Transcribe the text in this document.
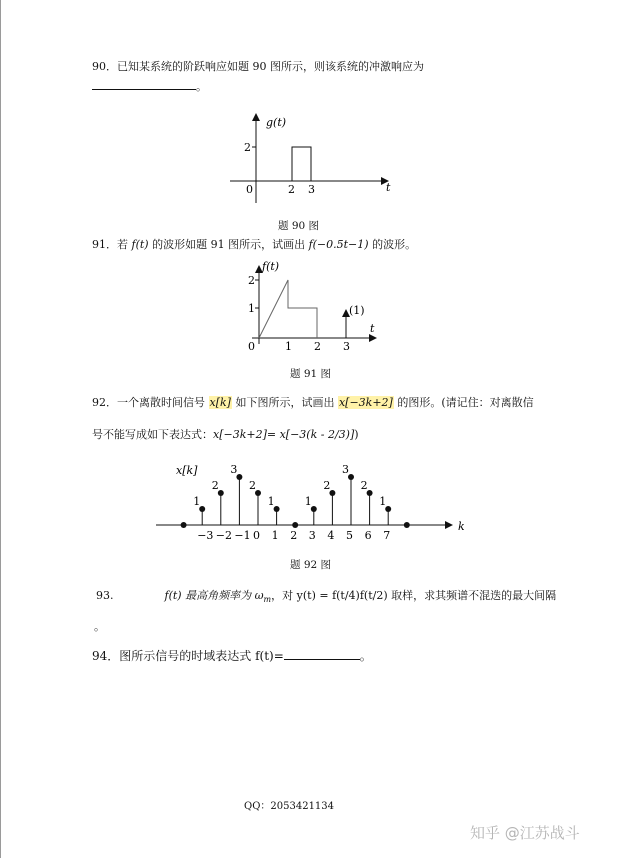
90．已知某系统的阶跃响应如题 90 图所示，则该系统的冲激响应为
。
g(t)
2
0	2 3	t
题 90 图
91．若 f(t) 的波形如题 91 图所示，试画出 f(−0.5t−1) 的波形。
f(t)
2
1
0	1 2 3
(1)
t
题 91 图
92．一个离散时间信号 x[k] 如下图所示，试画出 x[−3k+2] 的图形。(请记住：对离散信
号不能写成如下表达式：x[−3k+2]= x[−3(k - 2/3)])
x[k]
k
1
2
3
2
1	1
2
3
2
1
−3 −2 −1 0 1 2 3 4 5 6 7
题 92 图
93.	f(t) 最高角频率为 $\omega_m$，对 y(t) = f(t/4)f(t/2) 取样，求其频谱不混迭的最大间隔
。
94．图所示信号的时域表达式 f(t)=	。
QQ：2053421134
知乎 @江苏战斗
